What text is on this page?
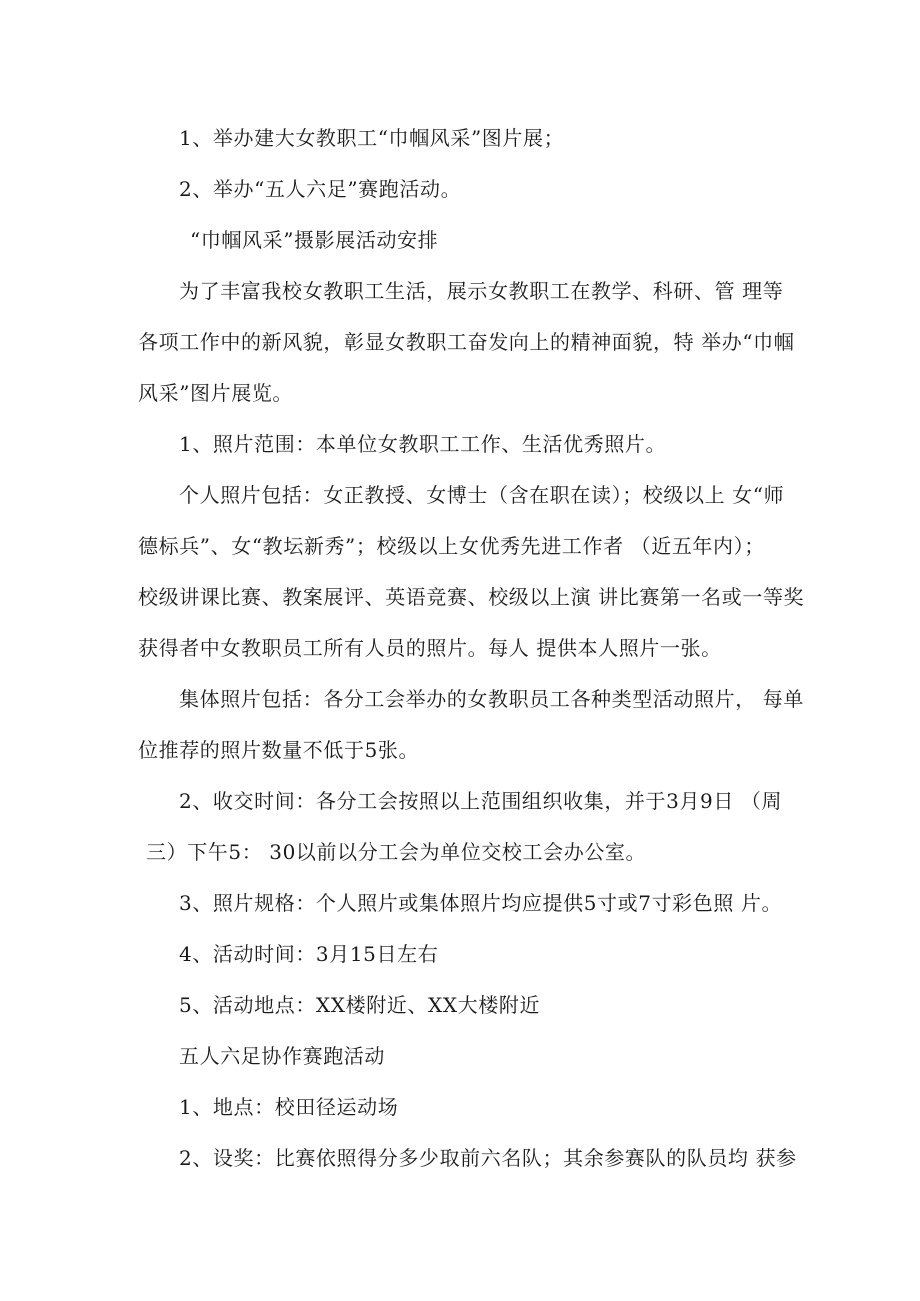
1、举办建大女教职工“巾帼风采”图片展；
2、举办“五人六足”赛跑活动。
“巾帼风采”摄影展活动安排
为了丰富我校女教职工生活，展示女教职工在教学、科研、管 理等
各项工作中的新风貌，彰显女教职工奋发向上的精神面貌，特 举办“巾帼
风采”图片展览。
1、照片范围：本单位女教职工工作、生活优秀照片。
个人照片包括：女正教授、女博士（含在职在读）；校级以上 女“师
德标兵”、女“教坛新秀”；校级以上女优秀先进工作者 （近五年内）；
校级讲课比赛、教案展评、英语竞赛、校级以上演 讲比赛第一名或一等奖
获得者中女教职员工所有人员的照片。每人 提供本人照片一张。
集体照片包括：各分工会举办的女教职员工各种类型活动照片， 每单
位推荐的照片数量不低于5张。
2、收交时间：各分工会按照以上范围组织收集，并于3月9日 （周
三）下午5： 30以前以分工会为单位交校工会办公室。
3、照片规格：个人照片或集体照片均应提供5寸或7寸彩色照 片。
4、活动时间：3月15日左右
5、活动地点：XX楼附近、XX大楼附近
五人六足协作赛跑活动
1、地点：校田径运动场
2、设奖：比赛依照得分多少取前六名队；其余参赛队的队员均 获参
